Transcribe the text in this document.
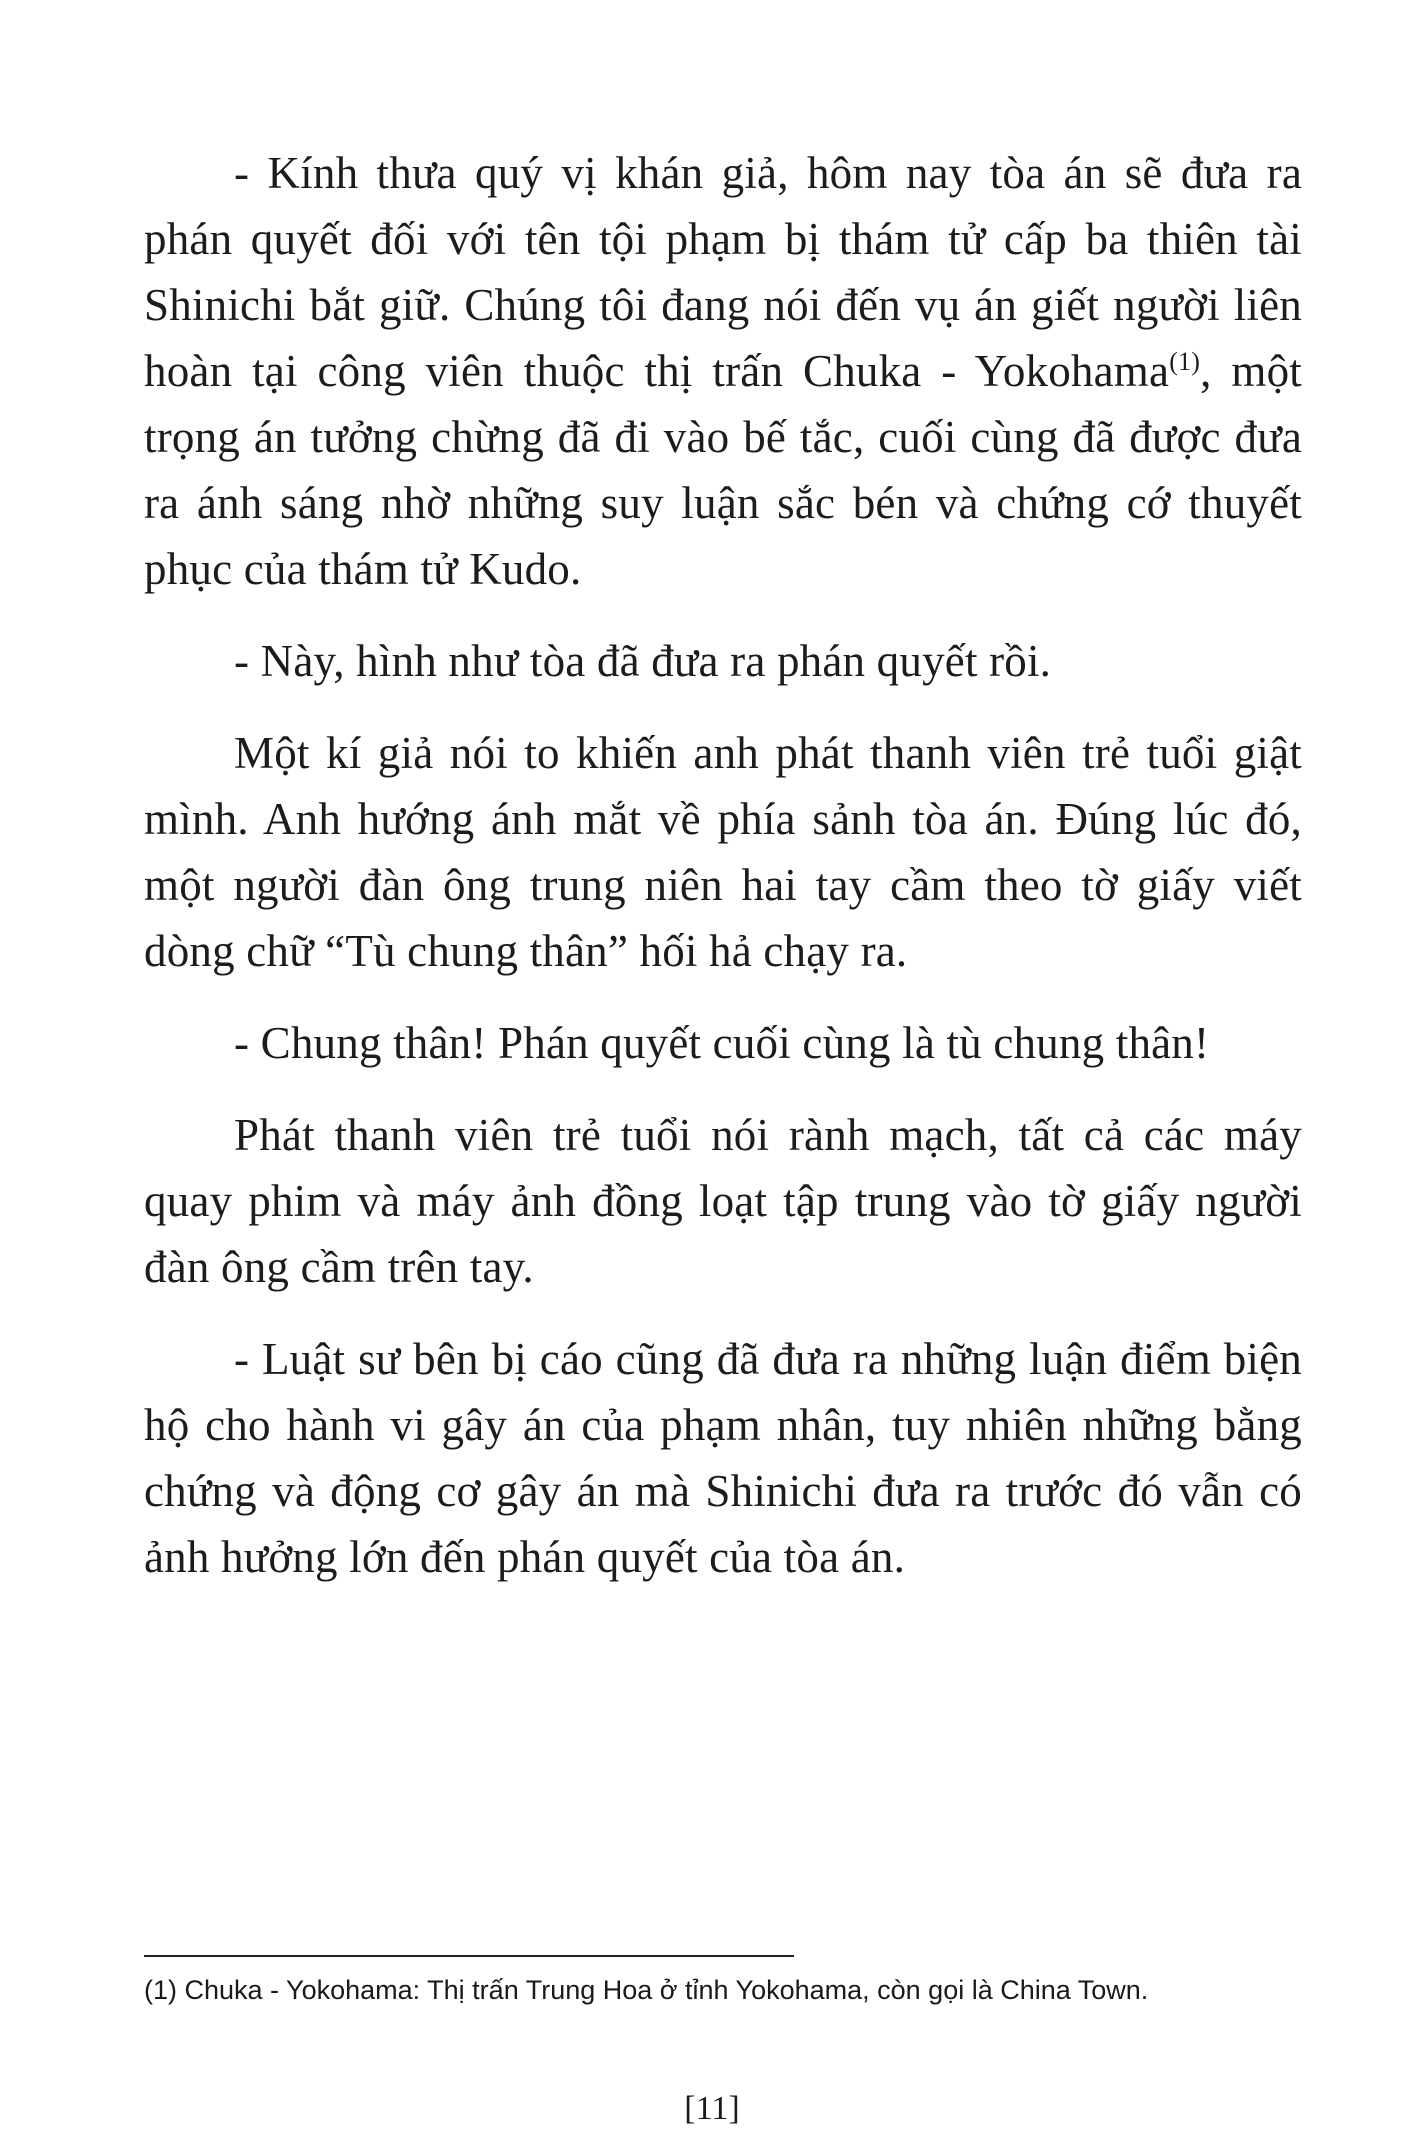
- Kính thưa quý vị khán giả, hôm nay tòa án sẽ đưa ra phán quyết đối với tên tội phạm bị thám tử cấp ba thiên tài Shinichi bắt giữ. Chúng tôi đang nói đến vụ án giết người liên hoàn tại công viên thuộc thị trấn Chuka - Yokohama$^{(1)}$, một trọng án tưởng chừng đã đi vào bế tắc, cuối cùng đã được đưa ra ánh sáng nhờ những suy luận sắc bén và chứng cớ thuyết phục của thám tử Kudo.

- Này, hình như tòa đã đưa ra phán quyết rồi.

Một kí giả nói to khiến anh phát thanh viên trẻ tuổi giật mình. Anh hướng ánh mắt về phía sảnh tòa án. Đúng lúc đó, một người đàn ông trung niên hai tay cầm theo tờ giấy viết dòng chữ “Tù chung thân” hối hả chạy ra.

- Chung thân! Phán quyết cuối cùng là tù chung thân!

Phát thanh viên trẻ tuổi nói rành mạch, tất cả các máy quay phim và máy ảnh đồng loạt tập trung vào tờ giấy người đàn ông cầm trên tay.

- Luật sư bên bị cáo cũng đã đưa ra những luận điểm biện hộ cho hành vi gây án của phạm nhân, tuy nhiên những bằng chứng và động cơ gây án mà Shinichi đưa ra trước đó vẫn có ảnh hưởng lớn đến phán quyết của tòa án.

(1) Chuka - Yokohama: Thị trấn Trung Hoa ở tỉnh Yokohama, còn gọi là China Town.
[11]
